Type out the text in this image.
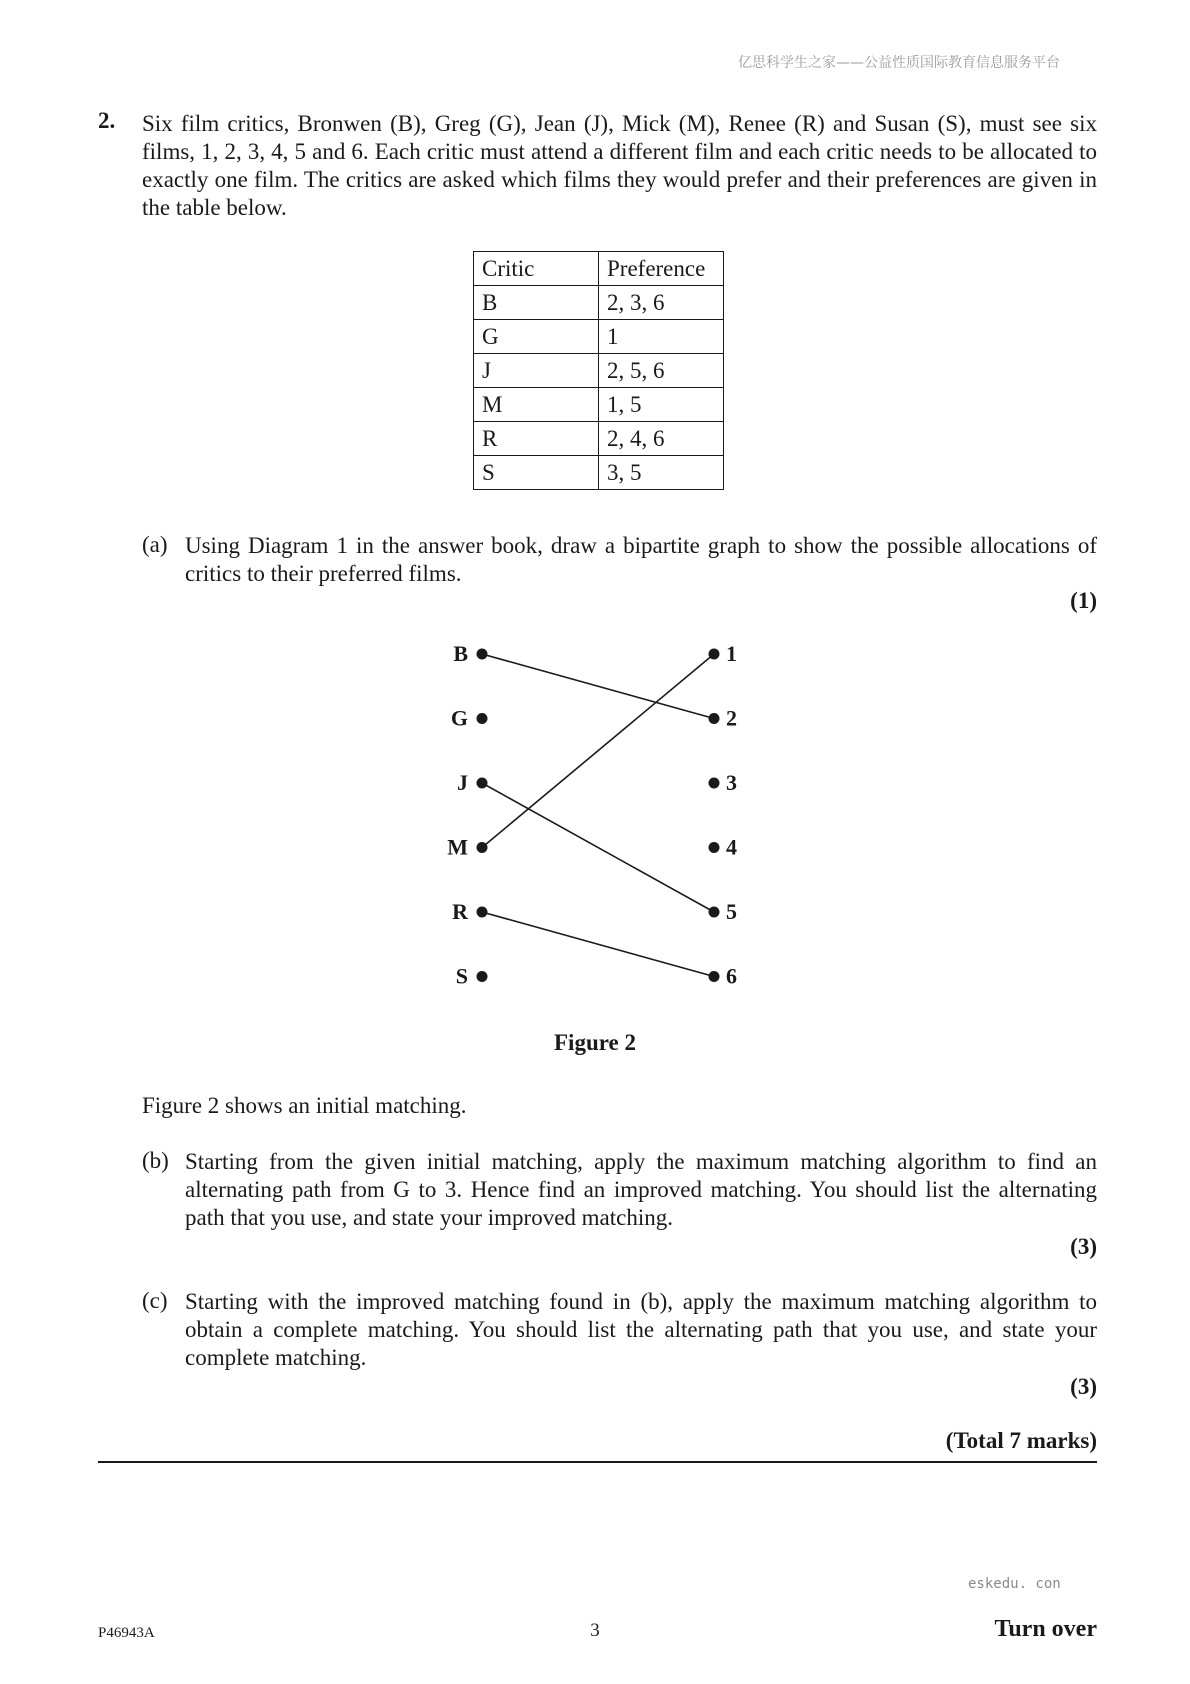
亿思科学生之家——公益性质国际教育信息服务平台
2. Six film critics, Bronwen (B), Greg (G), Jean (J), Mick (M), Renee (R) and Susan (S), must see six films, 1, 2, 3, 4, 5 and 6. Each critic must attend a different film and each critic needs to be allocated to exactly one film. The critics are asked which films they would prefer and their preferences are given in the table below.
Critic	Preference
B	2, 3, 6
G	1
J	2, 5, 6
M	1, 5
R	2, 4, 6
S	3, 5
(a) Using Diagram 1 in the answer book, draw a bipartite graph to show the possible allocations of critics to their preferred films.
(1)
B
G
J
M
R
S
1
2
3
4
5
6
Figure 2
Figure 2 shows an initial matching.
(b) Starting from the given initial matching, apply the maximum matching algorithm to find an alternating path from G to 3. Hence find an improved matching. You should list the alternating path that you use, and state your improved matching.
(3)
(c) Starting with the improved matching found in (b), apply the maximum matching algorithm to obtain a complete matching. You should list the alternating path that you use, and state your complete matching.
(3)
(Total 7 marks)
eskedu. con
P46943A	3	Turn over
